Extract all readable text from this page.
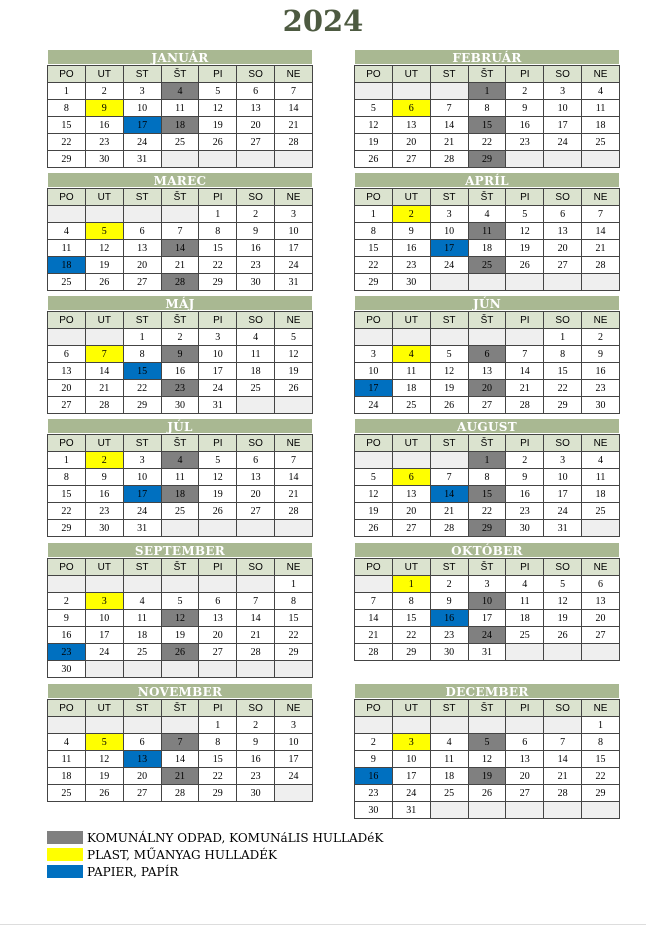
2024
JANUÁR
PO	UT	ST	ŠT	PI	SO	NE
1	2	3	4	5	6	7
8	9	10	11	12	13	14
15	16	17	18	19	20	21
22	23	24	25	26	27	28
29	30	31				
FEBRUÁR
PO	UT	ST	ŠT	PI	SO	NE
			1	2	3	4
5	6	7	8	9	10	11
12	13	14	15	16	17	18
19	20	21	22	23	24	25
26	27	28	29			
MAREC
PO	UT	ST	ŠT	PI	SO	NE
				1	2	3
4	5	6	7	8	9	10
11	12	13	14	15	16	17
18	19	20	21	22	23	24
25	26	27	28	29	30	31
APRÍL
PO	UT	ST	ŠT	PI	SO	NE
1	2	3	4	5	6	7
8	9	10	11	12	13	14
15	16	17	18	19	20	21
22	23	24	25	26	27	28
29	30					
MÁJ
PO	UT	ST	ŠT	PI	SO	NE
		1	2	3	4	5
6	7	8	9	10	11	12
13	14	15	16	17	18	19
20	21	22	23	24	25	26
27	28	29	30	31		
JÚN
PO	UT	ST	ŠT	PI	SO	NE
					1	2
3	4	5	6	7	8	9
10	11	12	13	14	15	16
17	18	19	20	21	22	23
24	25	26	27	28	29	30
JÚL
PO	UT	ST	ŠT	PI	SO	NE
1	2	3	4	5	6	7
8	9	10	11	12	13	14
15	16	17	18	19	20	21
22	23	24	25	26	27	28
29	30	31				
AUGUST
PO	UT	ST	ŠT	PI	SO	NE
			1	2	3	4
5	6	7	8	9	10	11
12	13	14	15	16	17	18
19	20	21	22	23	24	25
26	27	28	29	30	31	
SEPTEMBER
PO	UT	ST	ŠT	PI	SO	NE
						1
2	3	4	5	6	7	8
9	10	11	12	13	14	15
16	17	18	19	20	21	22
23	24	25	26	27	28	29
30						
OKTÓBER
PO	UT	ST	ŠT	PI	SO	NE
	1	2	3	4	5	6
7	8	9	10	11	12	13
14	15	16	17	18	19	20
21	22	23	24	25	26	27
28	29	30	31			
NOVEMBER
PO	UT	ST	ŠT	PI	SO	NE
				1	2	3
4	5	6	7	8	9	10
11	12	13	14	15	16	17
18	19	20	21	22	23	24
25	26	27	28	29	30	
DECEMBER
PO	UT	ST	ŠT	PI	SO	NE
						1
2	3	4	5	6	7	8
9	10	11	12	13	14	15
16	17	18	19	20	21	22
23	24	25	26	27	28	29
30	31					
KOMUNÁLNY ODPAD, KOMUNáLIS HULLADéK
PLAST, MŰANYAG HULLADÉK
PAPIER, PAPÍR
